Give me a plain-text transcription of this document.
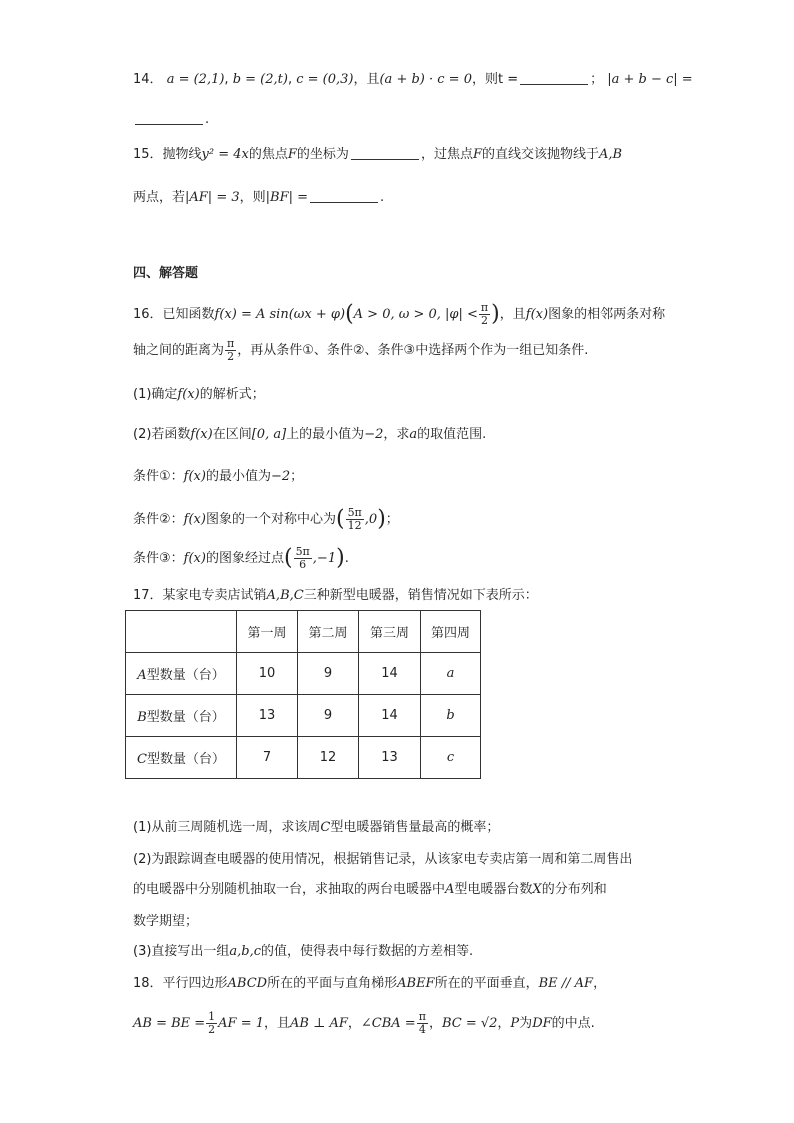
14． a = (2,1), b = (2,t), c = (0,3)，且(a + b) · c = 0，则t =	； |a + b − c| =
.
15．抛物线y² = 4x的焦点F的坐标为	，过焦点F的直线交该抛物线于A,B
两点，若|AF| = 3，则|BF| =	.
四、解答题
16．已知函数f(x) = A sin(ωx + φ)(A > 0, ω > 0, $|\varphi| < \frac{\pi}{2}$ )，且f(x)图象的相邻两条对称
轴之间的距离为 $\frac{\pi}{2}$ ，再从条件①、条件②、条件③中选择两个作为一组已知条件.
(1)确定f(x)的解析式；
(2)若函数f(x)在区间[0, a]上的最小值为−2，求a的取值范围.
条件①：f(x)的最小值为−2；
条件②：f(x)图象的一个对称中心为( $\frac{5\pi}{12} ,0$)；
条件③：f(x)的图象经过点( $\frac{5\pi}{6} ,-1$).
17．某家电专卖店试销A,B,C三种新型电暖器，销售情况如下表所示：
	第一周	第二周	第三周	第四周
A型数量（台）	10	9	14	a
B型数量（台）	13	9	14	b
C型数量（台）	7	12	13	c
(1)从前三周随机选一周，求该周C型电暖器销售量最高的概率；
(2)为跟踪调查电暖器的使用情况，根据销售记录，从该家电专卖店第一周和第二周售出
的电暖器中分别随机抽取一台，求抽取的两台电暖器中A型电暖器台数X的分布列和
数学期望；
(3)直接写出一组a,b,c的值，使得表中每行数据的方差相等.
18．平行四边形ABCD所在的平面与直角梯形ABEF所在的平面垂直，BE // AF，
AB = BE = $\frac{1}{2}$ AF = 1，且AB ⊥ AF，∠CBA = $\frac{\pi}{4}$ ，BC = √2，P为DF的中点.
